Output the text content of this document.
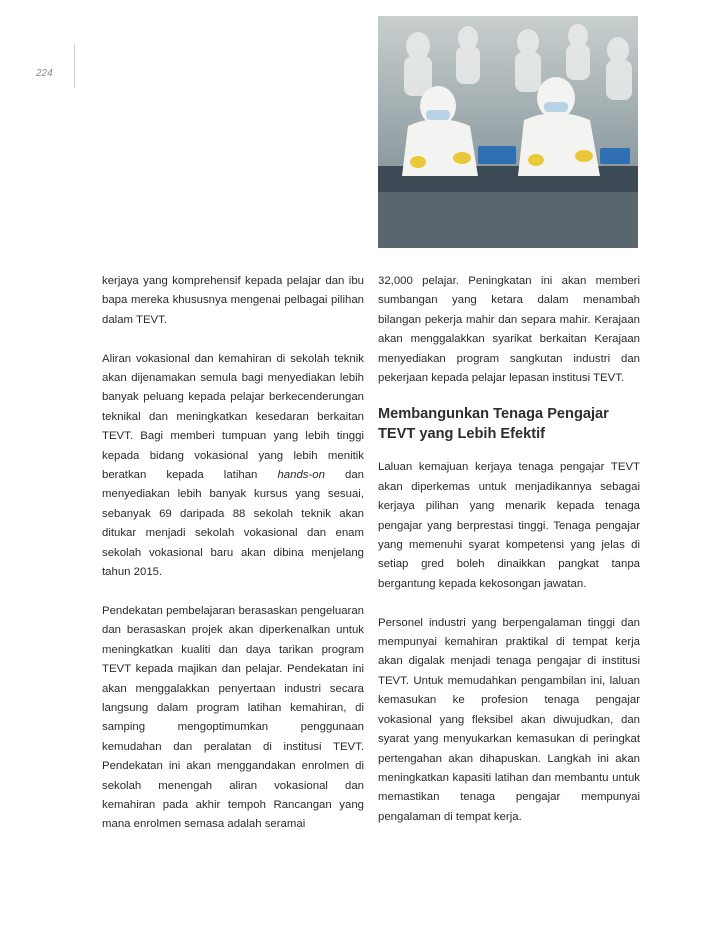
224

kerjaya yang komprehensif kepada pelajar dan ibu bapa mereka khususnya mengenai pelbagai pilihan dalam TEVT.

Aliran vokasional dan kemahiran di sekolah teknik akan dijenamakan semula bagi menyediakan lebih banyak peluang kepada pelajar berkecenderungan teknikal dan meningkatkan kesedaran berkaitan TEVT. Bagi memberi tumpuan yang lebih tinggi kepada bidang vokasional yang lebih menitik beratkan kepada latihan hands-on dan menyediakan lebih banyak kursus yang sesuai, sebanyak 69 daripada 88 sekolah teknik akan ditukar menjadi sekolah vokasional dan enam sekolah vokasional baru akan dibina menjelang tahun 2015.

Pendekatan pembelajaran berasaskan pengeluaran dan berasaskan projek akan diperkenalkan untuk meningkatkan kualiti dan daya tarikan program TEVT kepada majikan dan pelajar. Pendekatan ini akan menggalakkan penyertaan industri secara langsung dalam program latihan kemahiran, di samping mengoptimumkan penggunaan kemudahan dan peralatan di institusi TEVT. Pendekatan ini akan menggandakan enrolmen di sekolah menengah aliran vokasional dan kemahiran pada akhir tempoh Rancangan yang mana enrolmen semasa adalah seramai

32,000 pelajar. Peningkatan ini akan memberi sumbangan yang ketara dalam menambah bilangan pekerja mahir dan separa mahir. Kerajaan akan menggalakkan syarikat berkaitan Kerajaan menyediakan program sangkutan industri dan pekerjaan kepada pelajar lepasan institusi TEVT.

Membangunkan Tenaga Pengajar TEVT yang Lebih Efektif

Laluan kemajuan kerjaya tenaga pengajar TEVT akan diperkemas untuk menjadikannya sebagai kerjaya pilihan yang menarik kepada tenaga pengajar yang berprestasi tinggi. Tenaga pengajar yang memenuhi syarat kompetensi yang jelas di setiap gred boleh dinaikkan pangkat tanpa bergantung kepada kekosongan jawatan.

Personel industri yang berpengalaman tinggi dan mempunyai kemahiran praktikal di tempat kerja akan digalak menjadi tenaga pengajar di institusi TEVT. Untuk memudahkan pengambilan ini, laluan kemasukan ke profesion tenaga pengajar vokasional yang fleksibel akan diwujudkan, dan syarat yang menyukarkan kemasukan di peringkat pertengahan akan dihapuskan. Langkah ini akan meningkatkan kapasiti latihan dan membantu untuk memastikan tenaga pengajar mempunyai pengalaman di tempat kerja.
